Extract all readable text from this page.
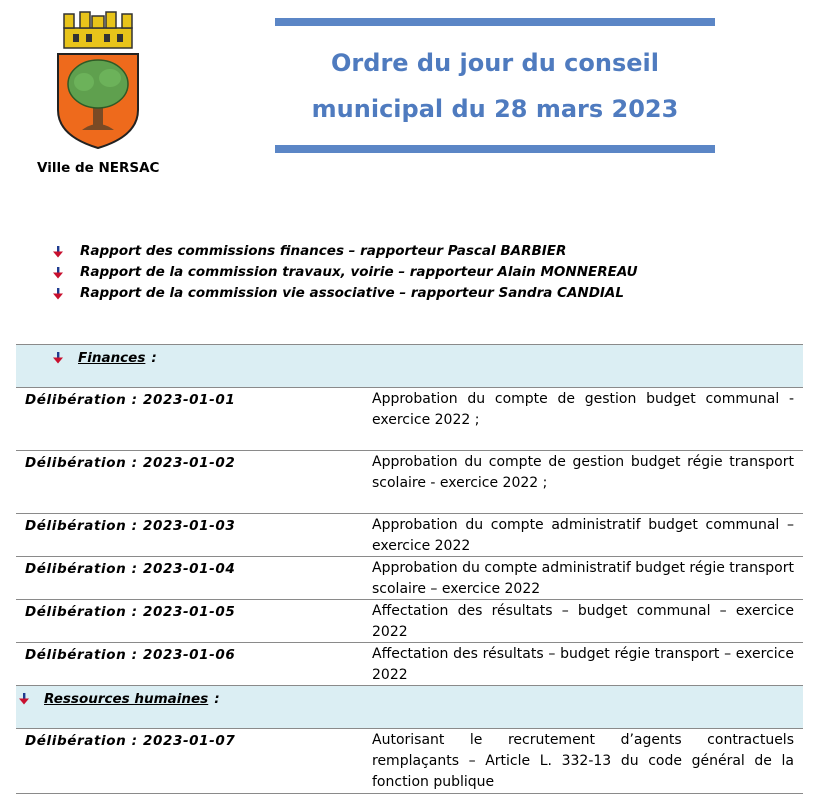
Ville de NERSAC
Ordre du jour du conseil
municipal du 28 mars 2023
Rapport des commissions finances – rapporteur Pascal BARBIER
Rapport de la commission travaux, voirie – rapporteur Alain MONNEREAU
Rapport de la commission vie associative – rapporteur Sandra CANDIAL
Finances :
Délibération : 2023-01-01	Approbation du compte de gestion budget communal - exercice 2022 ;
Délibération : 2023-01-02	Approbation du compte de gestion budget régie transport scolaire - exercice 2022 ;
Délibération : 2023-01-03	Approbation du compte administratif budget communal – exercice 2022
Délibération : 2023-01-04	Approbation du compte administratif budget régie transport scolaire – exercice 2022
Délibération : 2023-01-05	Affectation des résultats – budget communal – exercice 2022
Délibération : 2023-01-06	Affectation des résultats – budget régie transport – exercice 2022
Ressources humaines :
Délibération : 2023-01-07	Autorisant le recrutement d’agents contractuels remplaçants – Article L. 332-13 du code général de la fonction publique
